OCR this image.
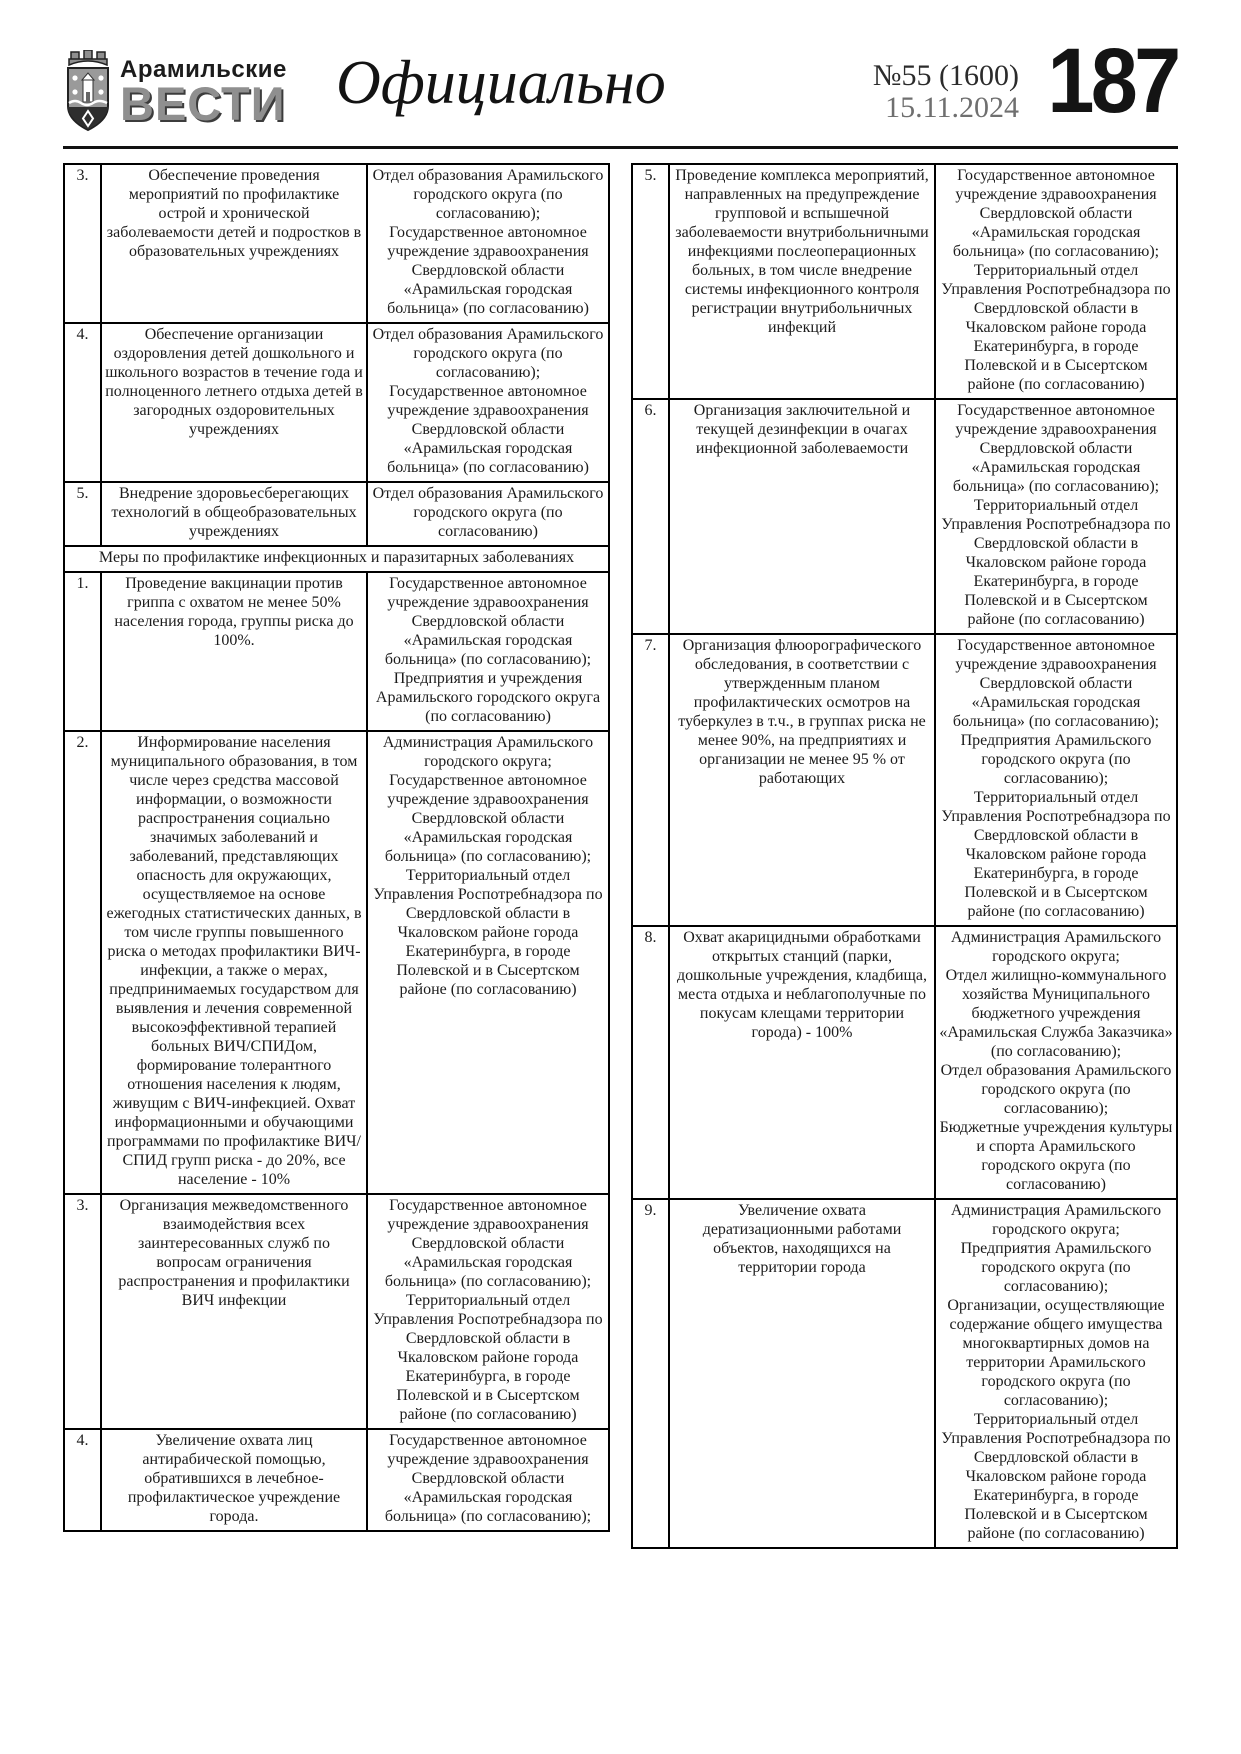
Арамильские
ВЕСТИ Официально	№55 (1600)
15.11.2024 187
3.	Обеспечение проведения мероприятий по профилактике острой и хронической заболеваемости детей и подростков в образовательных учреждениях	Отдел образования Арамильского городского округа (по согласованию);
Государственное автономное учреждение здравоохранения Свердловской области «Арамильская городская больница» (по согласованию)

4.	Обеспечение организации оздоровления детей дошкольного и школьного возрастов в течение года и полноценного летнего отдыха детей в загородных оздоровительных учреждениях	Отдел образования Арамильского городского округа (по согласованию);
Государственное автономное учреждение здравоохранения Свердловской области «Арамильская городская больница» (по согласованию)

5.	Внедрение здоровьесберегающих технологий в общеобразовательных учреждениях	Отдел образования Арамильского городского округа (по согласованию)

Меры по профилактике инфекционных и паразитарных заболеваниях		
1.	Проведение вакцинации против гриппа с охватом не менее 50% населения города, группы риска до 100%.	Государственное автономное учреждение здравоохранения Свердловской области «Арамильская городская больница» (по согласованию);
Предприятия и учреждения Арамильского городского округа (по согласованию)

2.	Информирование населения муниципального образования, в том числе через средства массовой информации, о возможности распространения социально значимых заболеваний и заболеваний, представляющих опасность для окружающих, осуществляемое на основе ежегодных статистических данных, в том числе группы повышенного риска о методах профилактики ВИЧ-инфекции, а также о мерах, предпринимаемых государством для выявления и лечения современной высокоэффективной терапией больных ВИЧ/СПИДом, формирование толерантного отношения населения к людям, живущим с ВИЧ-инфекцией. Охват информационными и обучающими программами по профилактике ВИЧ/СПИД групп риска - до 20%, все население - 10%	
Администрация Арамильского городского округа;
Государственное автономное учреждение здравоохранения Свердловской области «Арамильская городская больница» (по согласованию);
Территориальный отдел Управления Роспотребнадзора по Свердловской области в Чкаловском районе города Екатеринбурга, в городе Полевской и в Сысертском районе (по согласованию)

3.	Организация межведомственного взаимодействия всех заинтересованных служб по вопросам ограничения распространения и профилактики ВИЧ инфекции	Государственное автономное учреждение здравоохранения Свердловской области «Арамильская городская больница» (по согласованию);
Территориальный отдел Управления Роспотребнадзора по Свердловской области в Чкаловском районе города Екатеринбурга, в городе Полевской и в Сысертском районе (по согласованию)

4.	Увеличение охвата лиц антирабической помощью, обратившихся в лечебное-профилактическое учреждение города.	Государственное автономное учреждение здравоохранения Свердловской области «Арамильская городская больница» (по согласованию);
5.	Проведение комплекса мероприятий, направленных на предупреждение групповой и вспышечной заболеваемости внутрибольничными инфекциями послеоперационных больных, в том числе внедрение системы инфекционного контроля регистрации внутрибольничных инфекций	
Государственное автономное учреждение здравоохранения Свердловской области «Арамильская городская больница» (по согласованию);
Территориальный отдел Управления Роспотребнадзора по Свердловской области в Чкаловском районе города Екатеринбурга, в городе Полевской и в Сысертском районе (по согласованию)

6.	Организация заключительной и текущей дезинфекции в очагах инфекционной заболеваемости	Государственное автономное учреждение здравоохранения Свердловской области «Арамильская городская больница» (по согласованию);
Территориальный отдел Управления Роспотребнадзора по Свердловской области в Чкаловском районе города Екатеринбурга, в городе Полевской и в Сысертском районе (по согласованию)

7.	Организация флюорографического обследования, в соответствии с утвержденным планом профилактических осмотров на туберкулез в т.ч., в группах риска не менее 90%, на предприятиях и организации не менее 95 % от работающих	
Государственное автономное учреждение здравоохранения Свердловской области «Арамильская городская больница» (по согласованию);
Предприятия Арамильского городского округа (по согласованию);
Территориальный отдел Управления Роспотребнадзора по Свердловской области в Чкаловском районе города Екатеринбурга, в городе Полевской и в Сысертском районе (по согласованию)

8.	Охват акарицидными обработками открытых станций (парки, дошкольные учреждения, кладбища, места отдыха и неблагополучные по покусам клещами территории города) - 100%	Администрация Арамильского городского округа;
Отдел жилищно-коммунального хозяйства Муниципального бюджетного учреждения «Арамильская Служба Заказчика» (по согласованию);
Отдел образования Арамильского городского округа (по согласованию);
Бюджетные учреждения культуры и спорта Арамильского городского округа (по согласованию)

9.	Увеличение охвата дератизационными работами объектов, находящихся на территории города	Администрация Арамильского городского округа;
Предприятия Арамильского городского округа (по согласованию);
Организации, осуществляющие содержание общего имущества многоквартирных домов на территории Арамильского городского округа (по согласованию);
Территориальный отдел Управления Роспотребнадзора по Свердловской области в Чкаловском районе города Екатеринбурга, в городе Полевской и в Сысертском районе (по согласованию)
